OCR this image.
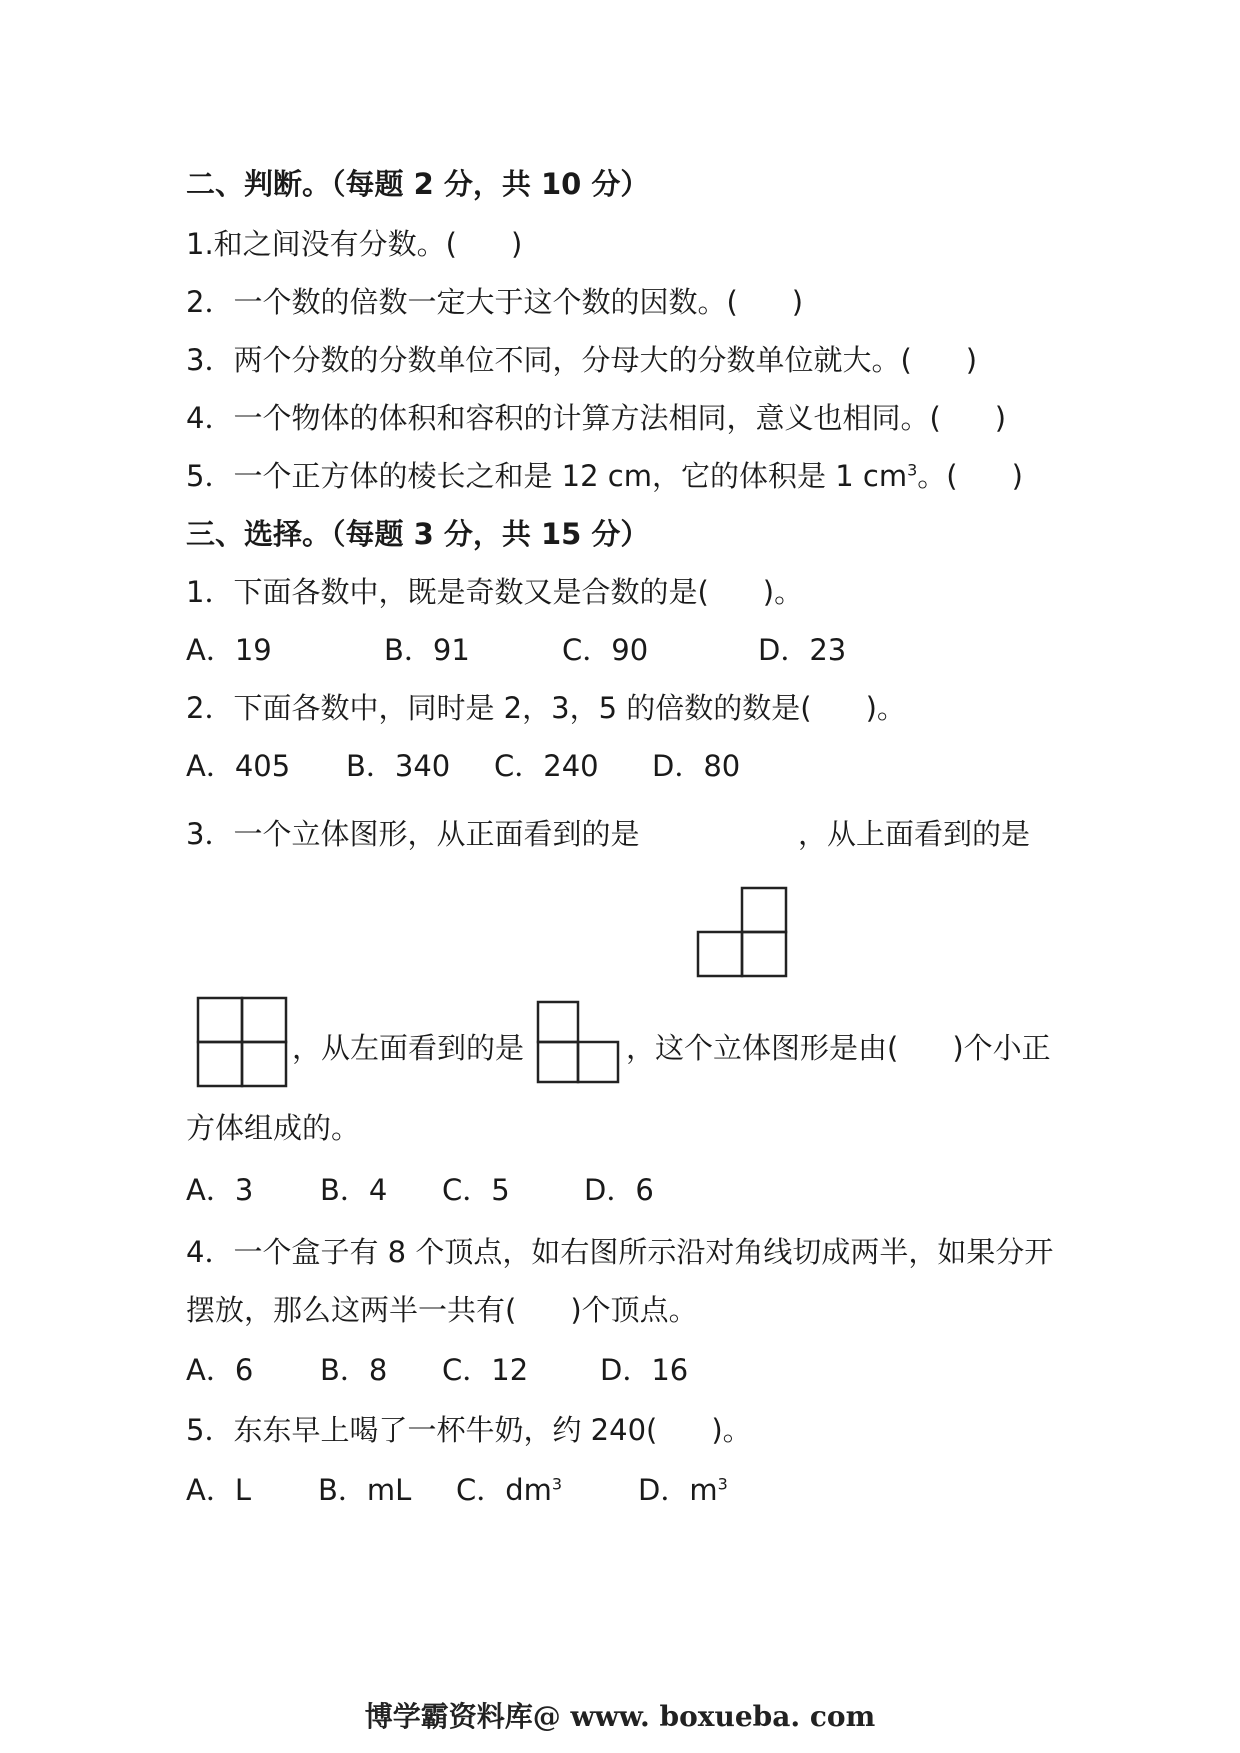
二、判断。（每题 2 分，共 10 分）
1.和之间没有分数。( )
2．一个数的倍数一定大于这个数的因数。( )
3．两个分数的分数单位不同，分母大的分数单位就大。( )
4．一个物体的体积和容积的计算方法相同，意义也相同。( )
5．一个正方体的棱长之和是 12 cm，它的体积是 1 $cm^3$。( )
三、选择。（每题 3 分，共 15 分）
1．下面各数中，既是奇数又是合数的是( )。
A．19	B．91	C．90	D．23
2．下面各数中，同时是 2，3，5 的倍数的数是( )。
A．405 B．340 C．240 D．80
3．一个立体图形，从正面看到的是	，从上面看到的是
，从左面看到的是	，这个立体图形是由( )个小正
方体组成的。
A．3 B．4 C．5	D．6
4．一个盒子有 8 个顶点，如右图所示沿对角线切成两半，如果分开
摆放，那么这两半一共有( )个顶点。
A．6 B．8 C．12 D．16
5．东东早上喝了一杯牛奶，约 240( )。
A．L B．mL C．$dm^3$	D．$m^3$
博学霸资料库@ www. boxueba. com
